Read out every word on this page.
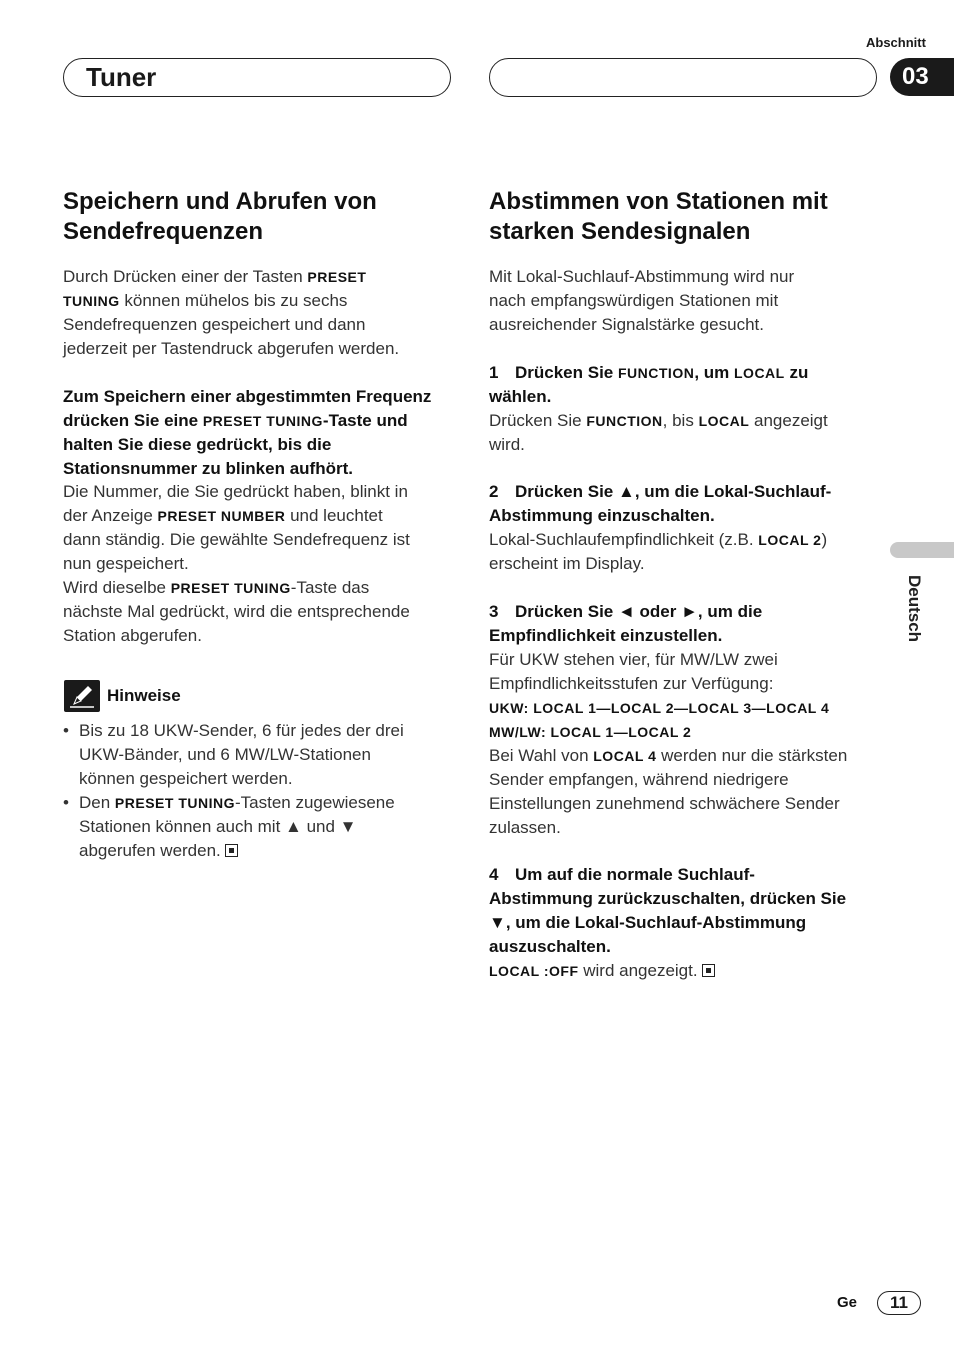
Abschnitt
Tuner	03
Speichern und Abrufen von
Sendefrequenzen
Durch Drücken einer der Tasten PRESET
TUNING können mühelos bis zu sechs
Sendefrequenzen gespeichert und dann
jederzeit per Tastendruck abgerufen werden.
Zum Speichern einer abgestimmten Frequenz
drücken Sie eine PRESET TUNING-Taste und
halten Sie diese gedrückt, bis die
Stationsnummer zu blinken aufhört.
Die Nummer, die Sie gedrückt haben, blinkt in
der Anzeige PRESET NUMBER und leuchtet
dann ständig. Die gewählte Sendefrequenz ist
nun gespeichert.
Wird dieselbe PRESET TUNING-Taste das
nächste Mal gedrückt, wird die entsprechende
Station abgerufen.
Hinweise
• Bis zu 18 UKW-Sender, 6 für jedes der drei
UKW-Bänder, und 6 MW/LW-Stationen
können gespeichert werden.
• Den PRESET TUNING-Tasten zugewiesene
Stationen können auch mit ▲ und ▼
abgerufen werden.
Abstimmen von Stationen mit
starken Sendesignalen
Mit Lokal-Suchlauf-Abstimmung wird nur
nach empfangswürdigen Stationen mit
ausreichender Signalstärke gesucht.
1 Drücken Sie FUNCTION, um LOCAL zu
wählen.
Drücken Sie FUNCTION, bis LOCAL angezeigt
wird.
2 Drücken Sie ▲, um die Lokal-Suchlauf-
Abstimmung einzuschalten.
Lokal-Suchlaufempfindlichkeit (z.B. LOCAL 2)
erscheint im Display.
3 Drücken Sie ◄ oder ►, um die
Empfindlichkeit einzustellen.
Für UKW stehen vier, für MW/LW zwei
Empfindlichkeitsstufen zur Verfügung:
UKW: LOCAL 1—LOCAL 2—LOCAL 3—LOCAL 4
MW/LW: LOCAL 1—LOCAL 2
Bei Wahl von LOCAL 4 werden nur die stärksten
Sender empfangen, während niedrigere
Einstellungen zunehmend schwächere Sender
zulassen.
4 Um auf die normale Suchlauf-
Abstimmung zurückzuschalten, drücken Sie
▼, um die Lokal-Suchlauf-Abstimmung
auszuschalten.
LOCAL :OFF wird angezeigt.
Deutsch
Ge	11
